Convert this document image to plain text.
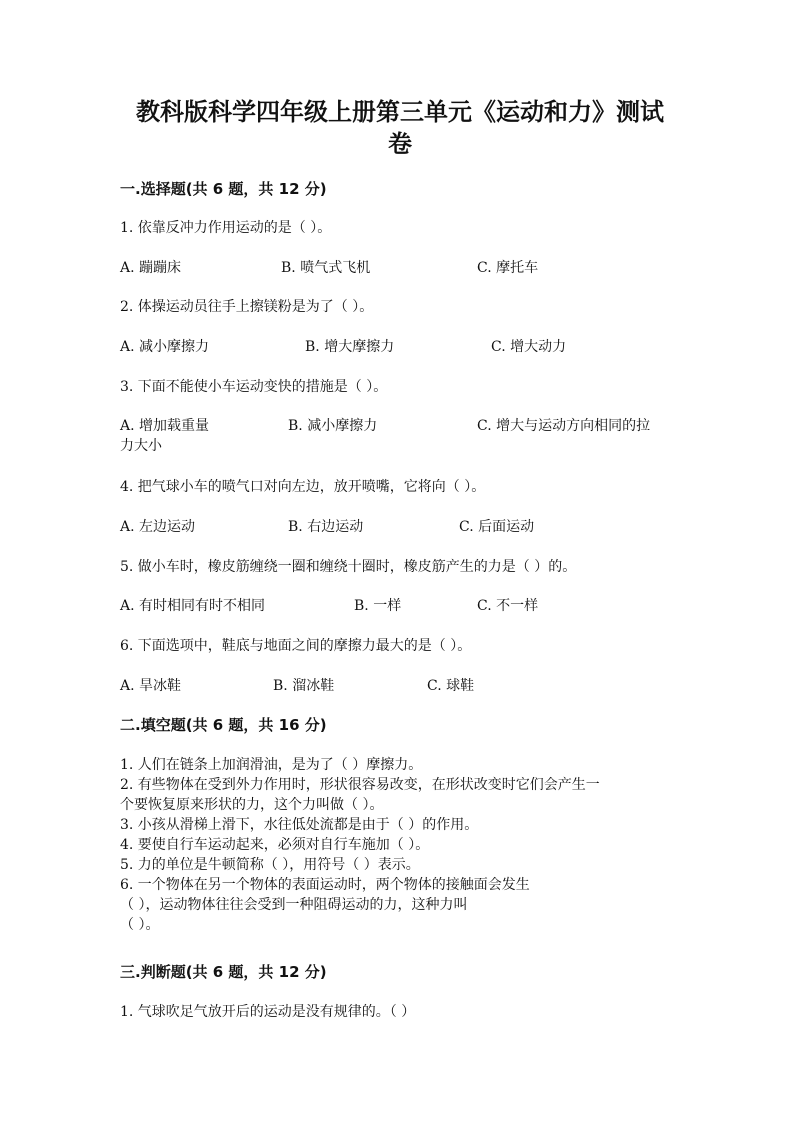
教科版科学四年级上册第三单元《运动和力》测试
卷
一.选择题(共 6 题，共 12 分)
1. 依靠反冲力作用运动的是（ ）。
A. 蹦蹦床	B. 喷气式飞机	C. 摩托车
2. 体操运动员往手上擦镁粉是为了（ ）。
A. 减小摩擦力	B. 增大摩擦力	C. 增大动力
3. 下面不能使小车运动变快的措施是（ ）。
A. 增加载重量	B. 减小摩擦力	C. 增大与运动方向相同的拉
力大小
4. 把气球小车的喷气口对向左边，放开喷嘴，它将向（ ）。
A. 左边运动	B. 右边运动	C. 后面运动
5. 做小车时，橡皮筋缠绕一圈和缠绕十圈时，橡皮筋产生的力是（ ）的。
A. 有时相同有时不相同	B. 一样	C. 不一样
6. 下面选项中，鞋底与地面之间的摩擦力最大的是（ ）。
A. 旱冰鞋	B. 溜冰鞋	C. 球鞋
二.填空题(共 6 题，共 16 分)
1. 人们在链条上加润滑油，是为了（ ）摩擦力。
2. 有些物体在受到外力作用时，形状很容易改变，在形状改变时它们会产生一
个要恢复原来形状的力，这个力叫做（ ）。
3. 小孩从滑梯上滑下，水往低处流都是由于（ ）的作用。
4. 要使自行车运动起来，必须对自行车施加（ ）。
5. 力的单位是牛顿简称（ ），用符号（ ）表示。
6. 一个物体在另一个物体的表面运动时，两个物体的接触面会发生
（ ），运动物体往往会受到一种阻碍运动的力，这种力叫
（ ）。
三.判断题(共 6 题，共 12 分)
1. 气球吹足气放开后的运动是没有规律的。（ ）
